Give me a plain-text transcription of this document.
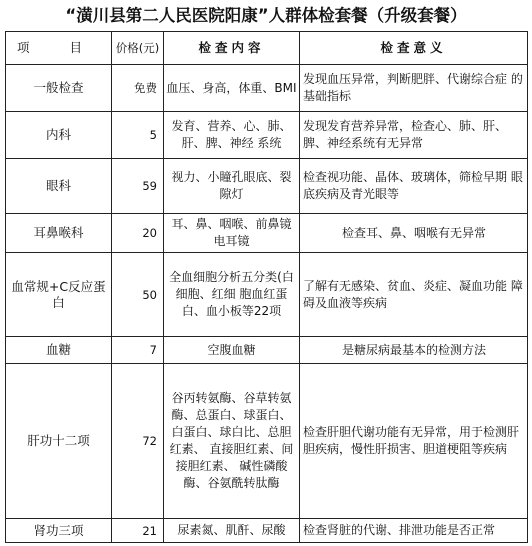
“潢川县第二人民医院阳康”人群体检套餐（升级套餐）
项 目	价格(元)	检查内容	检查意义
一般检查	免费	血压、身高，体重、BMI	发现血压异常，判断肥胖、代谢综合症 的基础指标
内科	5	发育、营养、心、肺、肝、脾、神经 系统	发现发育营养异常，检查心、肺、肝、 脾、神经系统有无异常
眼科	59	视力、小瞳孔眼底、裂隙灯	检查视功能、晶体、玻璃体，筛检早期 眼底疾病及青光眼等
耳鼻喉科	20	耳、鼻、咽喉、前鼻镜电耳镜	检查耳、鼻、咽喉有无异常
血常规+C反应蛋白	50	全血细胞分析五分类(白细胞、红细 胞血红蛋白、血小板等22项	了解有无感染、贫血、炎症、凝血功能 障碍及血液等疾病
血糖	7	空腹血糖	是糖尿病最基本的检测方法
肝功十二项	72	谷丙转氨酶、谷草转氨酶、总蛋白、球蛋白、白蛋白、球白比、总胆红素、 直接胆红素、间接胆红素、 碱性磷酸酶、谷氨酰转肽酶	检查肝胆代谢功能有无异常，用于检测肝胆疾病，慢性肝损害、胆道梗阻等疾病
肾功三项	21	尿素氮、肌酐、尿酸	检查肾脏的代谢、排泄功能是否正常
